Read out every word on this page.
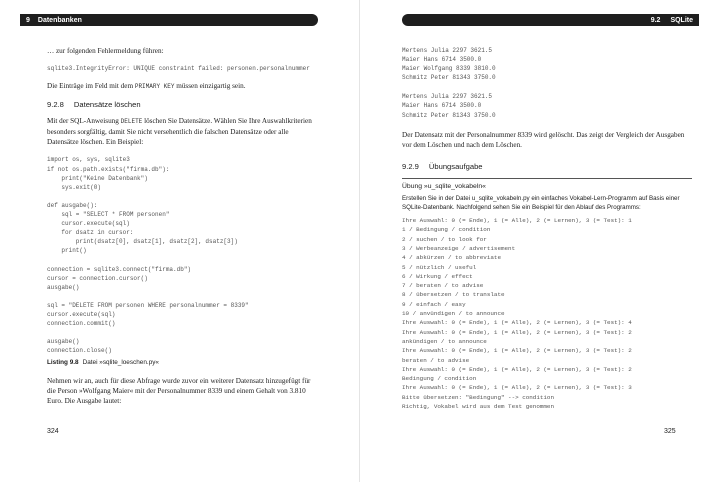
9 Datenbanken

… zur folgenden Fehlermeldung führen:

sqlite3.IntegrityError: UNIQUE constraint failed: personen.personalnummer

Die Einträge im Feld mit dem PRIMARY KEY müssen einzigartig sein.

9.2.8 Datensätze löschen

Mit der SQL-Anweisung DELETE löschen Sie Datensätze. Wählen Sie Ihre Auswahlkriterien besonders sorgfältig, damit Sie nicht versehentlich die falschen Datensätze oder alle Datensätze löschen. Ein Beispiel:

import os, sys, sqlite3
if not os.path.exists("firma.db"):
print("Keine Datenbank")
sys.exit(0)

def ausgabe():
sql = "SELECT * FROM personen"
cursor.execute(sql)
for dsatz in cursor:
print(dsatz[0], dsatz[1], dsatz[2], dsatz[3])
print()

connection = sqlite3.connect("firma.db")
cursor = connection.cursor()
ausgabe()

sql = "DELETE FROM personen WHERE personalnummer = 8339"
cursor.execute(sql)
connection.commit()

ausgabe()
connection.close()
Listing 9.8 Datei »sqlite_loeschen.py«

Nehmen wir an, auch für diese Abfrage wurde zuvor ein weiterer Datensatz hinzugefügt für die Person »Wolfgang Maier« mit der Personalnummer 8339 und einem Gehalt von 3.810 Euro. Die Ausgabe lautet:

324
9.2 SQLite
Mertens Julia 2297 3621.5
Maier Hans 6714 3500.0
Maier Wolfgang 8339 3810.0
Schmitz Peter 81343 3750.0
Mertens Julia 2297 3621.5
Maier Hans 6714 3500.0
Schmitz Peter 81343 3750.0

Der Datensatz mit der Personalnummer 8339 wird gelöscht. Das zeigt der Vergleich der Ausgaben vor dem Löschen und nach dem Löschen.

9.2.9 Übungsaufgabe
Übung »u_sqlite_vokabeln«
Erstellen Sie in der Datei u_sqlite_vokabeln.py ein einfaches Vokabel-Lern-Programm auf Basis einer SQLite-Datenbank. Nachfolgend sehen Sie ein Beispiel für den Ablauf des Programms:
Ihre Auswahl: 0 (= Ende), 1 (= Alle), 2 (= Lernen), 3 (= Test): 1
1 / Bedingung / condition
2 / suchen / to look for
3 / Werbeanzeige / advertisement
4 / abkürzen / to abbreviate
5 / nützlich / useful
6 / Wirkung / effect
7 / beraten / to advise
8 / übersetzen / to translate
9 / einfach / easy
10 / anvündigen / to announce
Ihre Auswahl: 0 (= Ende), 1 (= Alle), 2 (= Lernen), 3 (= Test): 4
Ihre Auswahl: 0 (= Ende), 1 (= Alle), 2 (= Lernen), 3 (= Test): 2
ankündigen / to announce
Ihre Auswahl: 0 (= Ende), 1 (= Alle), 2 (= Lernen), 3 (= Test): 2
beraten / to advise
Ihre Auswahl: 0 (= Ende), 1 (= Alle), 2 (= Lernen), 3 (= Test): 2
Bedingung / condition
Ihre Auswahl: 0 (= Ende), 1 (= Alle), 2 (= Lernen), 3 (= Test): 3
Bitte übersetzen: "Bedingung" --> condition
Richtig, Vokabel wird aus dem Test genommen
325
